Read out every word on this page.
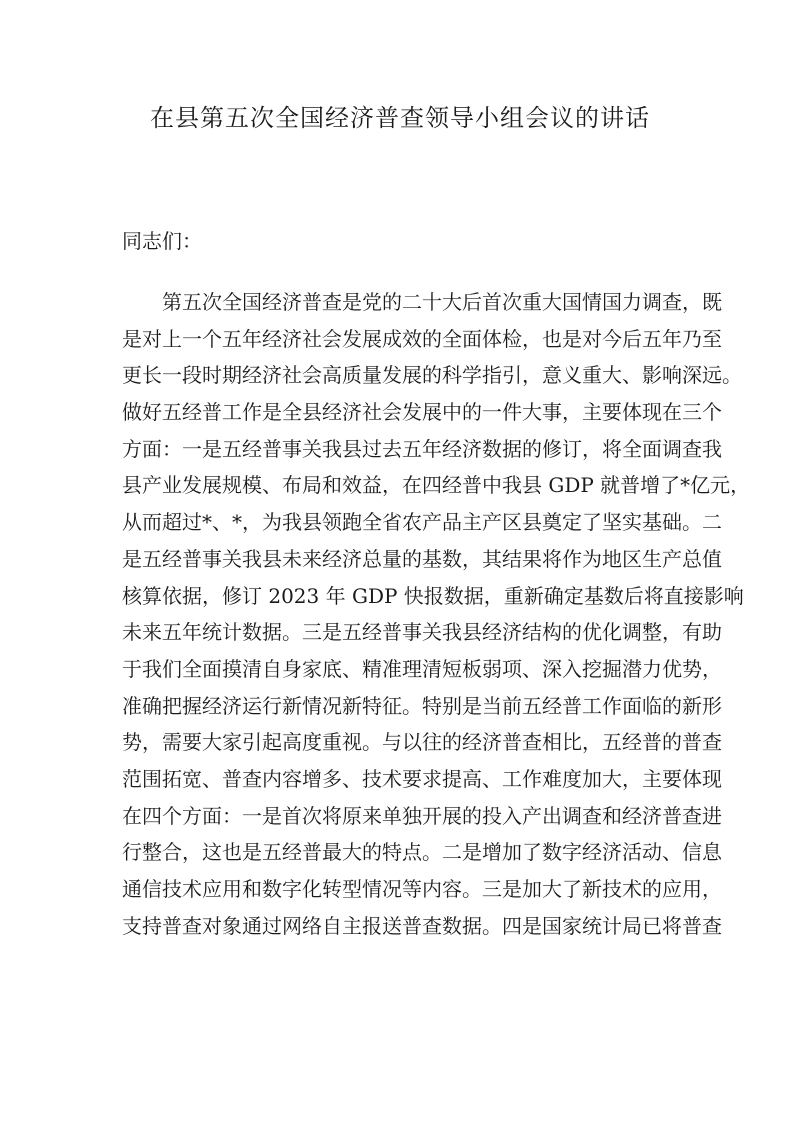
在县第五次全国经济普查领导小组会议的讲话
同志们：
第五次全国经济普查是党的二十大后首次重大国情国力调查，既
是对上一个五年经济社会发展成效的全面体检，也是对今后五年乃至
更长一段时期经济社会高质量发展的科学指引，意义重大、影响深远。
做好五经普工作是全县经济社会发展中的一件大事，主要体现在三个
方面：一是五经普事关我县过去五年经济数据的修订，将全面调查我
县产业发展规模、布局和效益，在四经普中我县 GDP 就普增了*亿元，
从而超过*、*，为我县领跑全省农产品主产区县奠定了坚实基础。二
是五经普事关我县未来经济总量的基数，其结果将作为地区生产总值
核算依据，修订 2023 年 GDP 快报数据，重新确定基数后将直接影响
未来五年统计数据。三是五经普事关我县经济结构的优化调整，有助
于我们全面摸清自身家底、精准理清短板弱项、深入挖掘潜力优势，
准确把握经济运行新情况新特征。特别是当前五经普工作面临的新形
势，需要大家引起高度重视。与以往的经济普查相比，五经普的普查
范围拓宽、普查内容增多、技术要求提高、工作难度加大，主要体现
在四个方面：一是首次将原来单独开展的投入产出调查和经济普查进
行整合，这也是五经普最大的特点。二是增加了数字经济活动、信息
通信技术应用和数字化转型情况等内容。三是加大了新技术的应用，
支持普查对象通过网络自主报送普查数据。四是国家统计局已将普查
